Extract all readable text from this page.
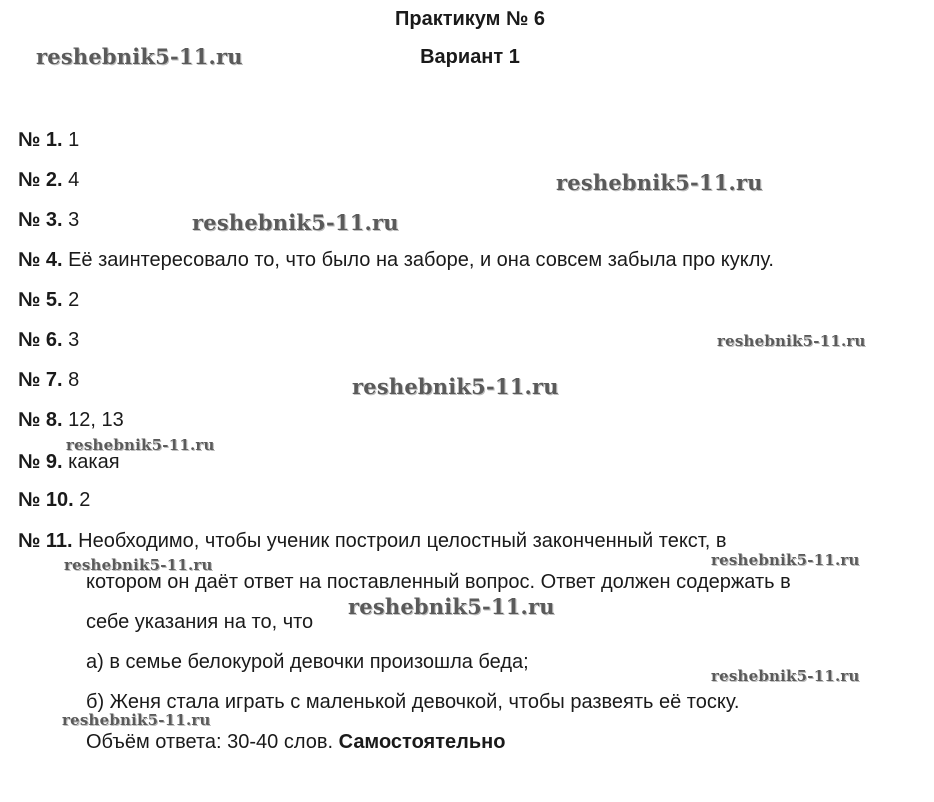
Практикум № 6
Вариант 1
№ 1. 1
№ 2. 4
№ 3. 3
№ 4. Её заинтересовало то, что было на заборе, и она совсем забыла про куклу.
№ 5. 2
№ 6. 3
№ 7. 8
№ 8. 12, 13
№ 9. какая
№ 10. 2
№ 11. Необходимо, чтобы ученик построил целостный законченный текст, в
котором он даёт ответ на поставленный вопрос. Ответ должен содержать в
себе указания на то, что
а) в семье белокурой девочки произошла беда;
б) Женя стала играть с маленькой девочкой, чтобы развеять её тоску.
Объём ответа: 30-40 слов. Самостоятельно
reshebnik5-11.ru
reshebnik5-11.ru
reshebnik5-11.ru
reshebnik5-11.ru
reshebnik5-11.ru
reshebnik5-11.ru
reshebnik5-11.ru	reshebnik5-11.ru
reshebnik5-11.ru
reshebnik5-11.ru
reshebnik5-11.ru
